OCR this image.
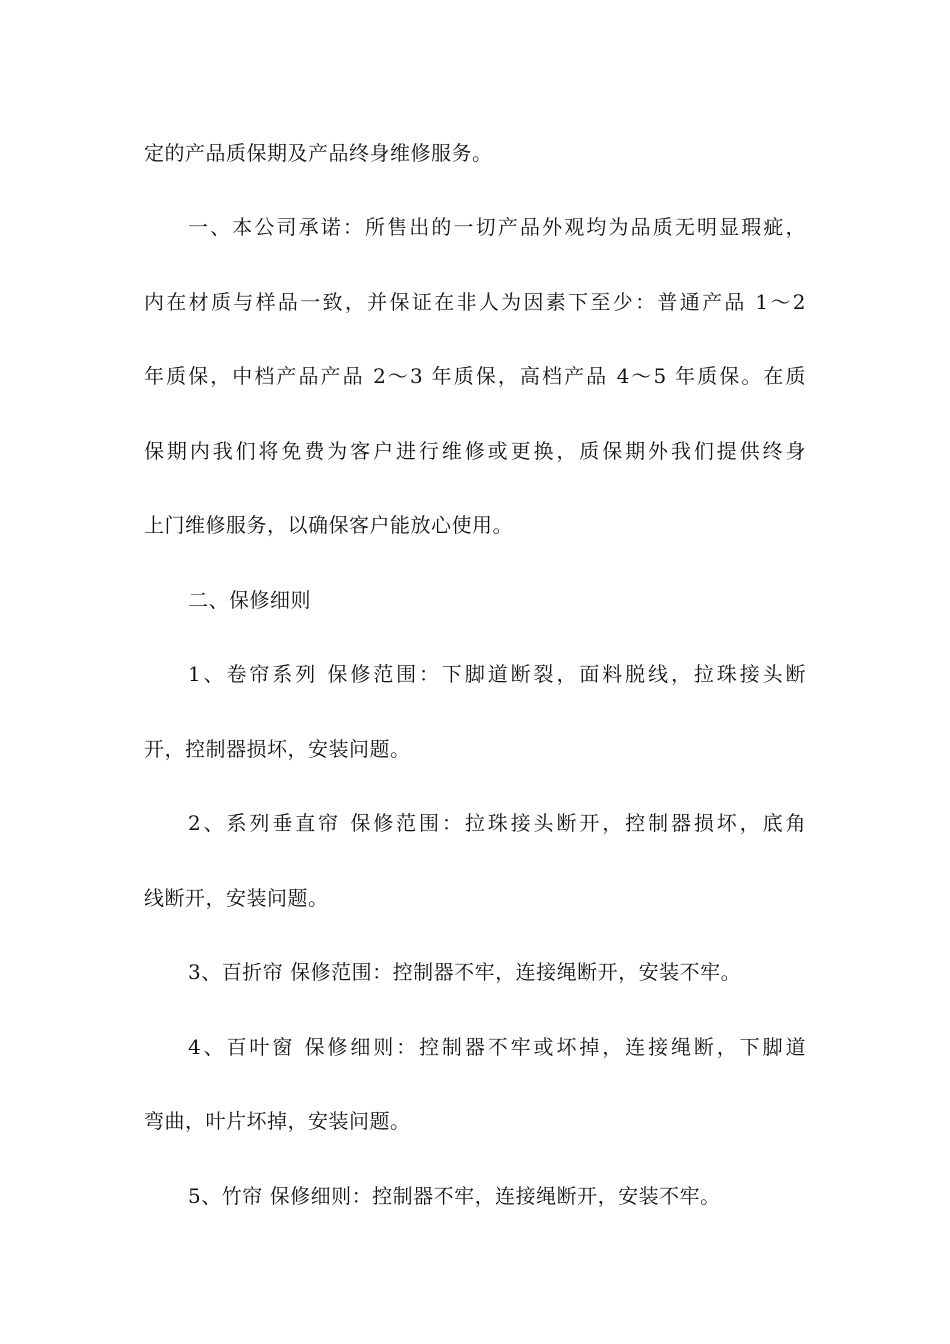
定的产品质保期及产品终身维修服务。
一、本公司承诺：所售出的一切产品外观均为品质无明显瑕疵，
内在材质与样品一致，并保证在非人为因素下至少：普通产品 1～2
年质保，中档产品产品 2～3 年质保，高档产品 4～5 年质保。在质
保期内我们将免费为客户进行维修或更换，质保期外我们提供终身
上门维修服务，以确保客户能放心使用。
二、保修细则
1、卷帘系列 保修范围：下脚道断裂，面料脱线，拉珠接头断
开，控制器损坏，安装问题。
2、系列垂直帘 保修范围：拉珠接头断开，控制器损坏，底角
线断开，安装问题。
3、百折帘 保修范围：控制器不牢，连接绳断开，安装不牢。
4、百叶窗 保修细则：控制器不牢或坏掉，连接绳断，下脚道
弯曲，叶片坏掉，安装问题。
5、竹帘 保修细则：控制器不牢，连接绳断开，安装不牢。
